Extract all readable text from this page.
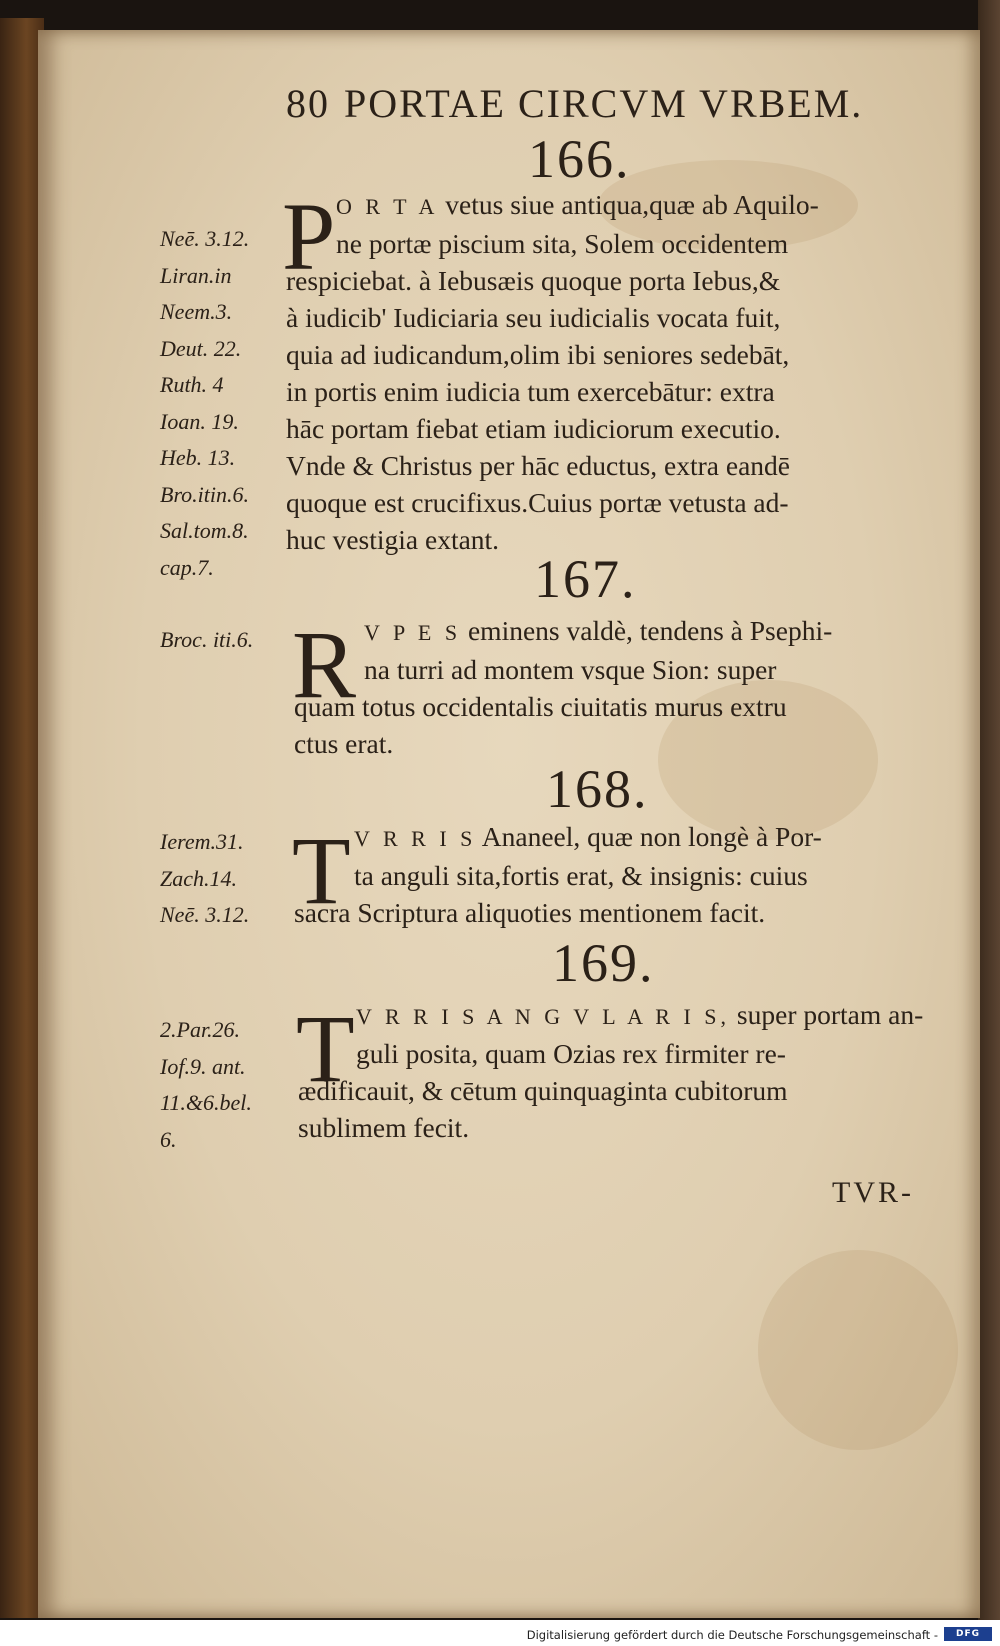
80 PORTAE CIRCVM VRBEM.
166.
Neē. 3.12.
Liran.in
Neem.3.
Deut. 22.
Ruth. 4
Ioan. 19.
Heb. 13.
Bro.itin.6.
Sal.tom.8.
cap.7.
P O R T A vetus siue antiqua,quæ ab Aquilo-
ne portæ piscium sita, Solem occidentem
respiciebat. à Iebusæis quoque porta Iebus,&
à iudicib' Iudiciaria seu iudicialis vocata fuit,
quia ad iudicandum,olim ibi seniores sedebāt,
in portis enim iudicia tum exercebātur: extra
hāc portam fiebat etiam iudiciorum executio.
Vnde & Christus per hāc eductus, extra eandē
quoque est crucifixus.Cuius portæ vetusta ad-
huc vestigia extant.
167.
Broc. iti.6. R V P E S eminens valdè, tendens à Psephi-
na turri ad montem vsque Sion: super
quam totus occidentalis ciuitatis murus extru
ctus erat.
168.
Ierem.31.
Zach.14.
Neē. 3.12. T V R R I S Ananeel, quæ non longè à Por-
ta anguli sita,fortis erat, & insignis: cuius
sacra Scriptura aliquoties mentionem facit.
169.
2.Par.26.
Iof.9. ant.
11.&6.bel.
6.
T V R R I S A N G V L A R I S, super portam an-
guli posita, quam Ozias rex firmiter re-
ædificauit, & cētum quinquaginta cubitorum
sublimem fecit.
TVR-
Digitalisierung gefördert durch die Deutsche Forschungsgemeinschaft -	DFG
